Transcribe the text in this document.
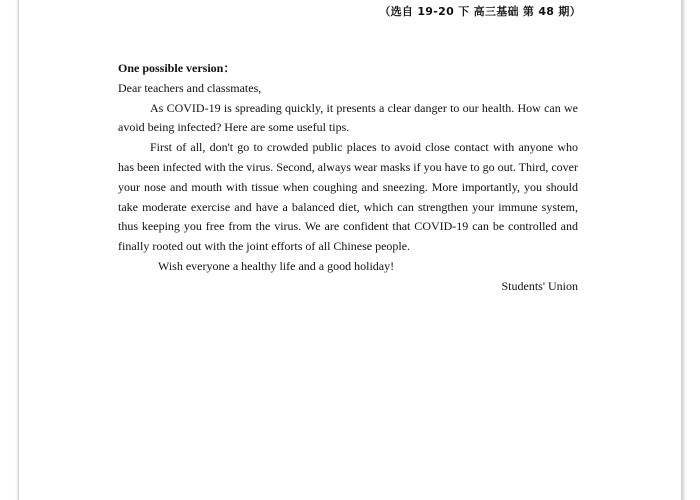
（选自 19-20 下 高三基础 第 48 期）
One possible version：
Dear teachers and classmates,

As COVID-19 is spreading quickly, it presents a clear danger to our health. How can we avoid being infected? Here are some useful tips.

First of all, don't go to crowded public places to avoid close contact with anyone who has been infected with the virus. Second, always wear masks if you have to go out. Third, cover your nose and mouth with tissue when coughing and sneezing. More importantly, you should take moderate exercise and have a balanced diet, which can strengthen your immune system, thus keeping you free from the virus. We are confident that COVID-19 can be controlled and finally rooted out with the joint efforts of all Chinese people.

Wish everyone a healthy life and a good holiday!
Students' Union
